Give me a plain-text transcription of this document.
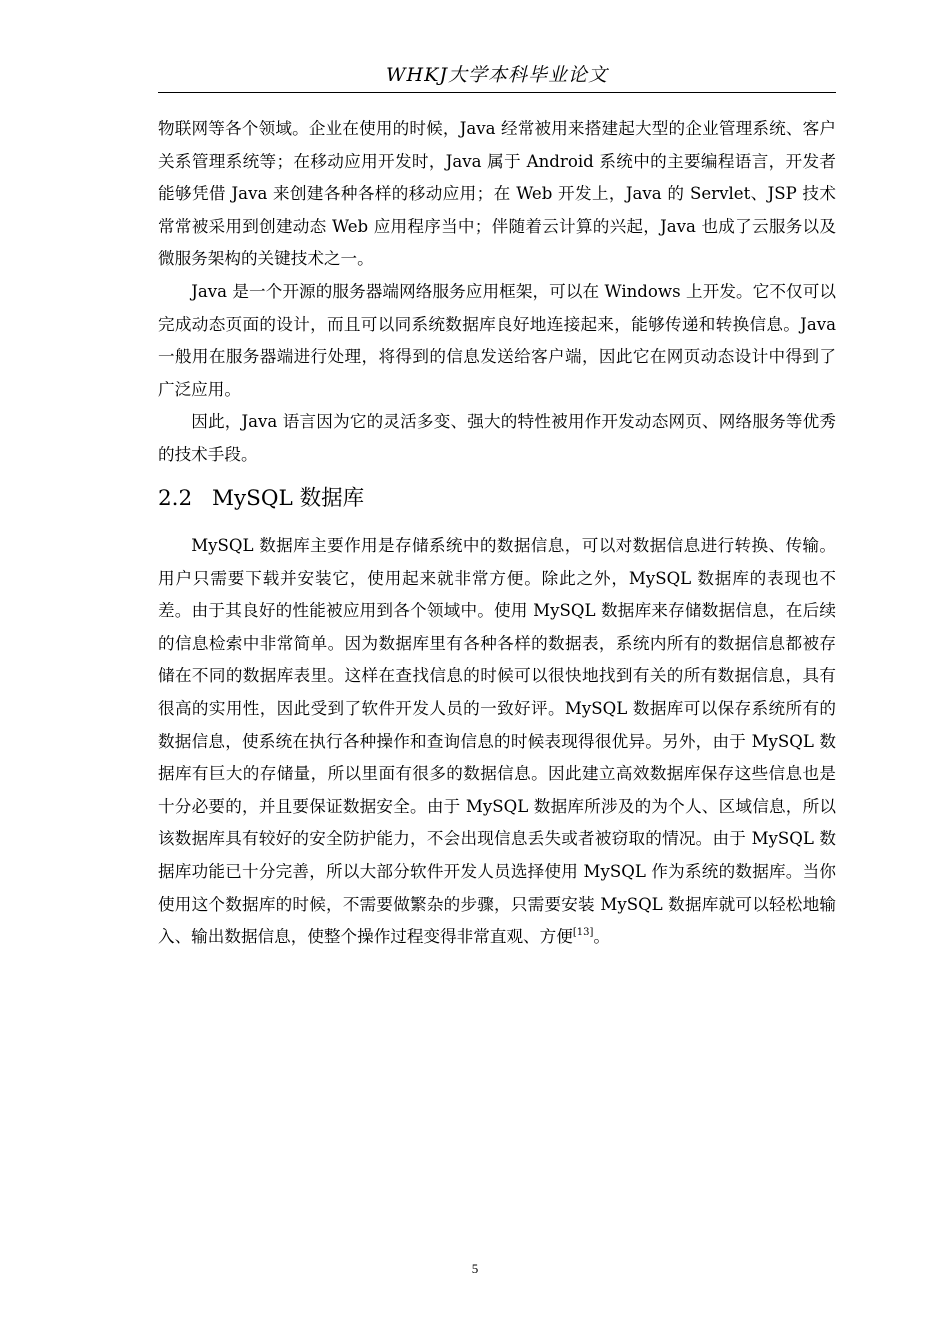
WHKJ大学本科毕业论文

物联网等各个领域。企业在使用的时候，Java 经常被用来搭建起大型的企业管理系统、客户关系管理系统等；在移动应用开发时，Java 属于 Android 系统中的主要编程语言，开发者能够凭借 Java 来创建各种各样的移动应用；在 Web 开发上，Java 的 Servlet、JSP 技术常常被采用到创建动态 Web 应用程序当中；伴随着云计算的兴起，Java 也成了云服务以及微服务架构的关键技术之一。

Java 是一个开源的服务器端网络服务应用框架，可以在 Windows 上开发。它不仅可以完成动态页面的设计，而且可以同系统数据库良好地连接起来，能够传递和转换信息。Java 一般用在服务器端进行处理，将得到的信息发送给客户端，因此它在网页动态设计中得到了广泛应用。

因此，Java 语言因为它的灵活多变、强大的特性被用作开发动态网页、网络服务等优秀的技术手段。

2.2 MySQL 数据库

MySQL 数据库主要作用是存储系统中的数据信息，可以对数据信息进行转换、传输。用户只需要下载并安装它，使用起来就非常方便。除此之外，MySQL 数据库的表现也不差。由于其良好的性能被应用到各个领域中。使用 MySQL 数据库来存储数据信息，在后续的信息检索中非常简单。因为数据库里有各种各样的数据表，系统内所有的数据信息都被存储在不同的数据库表里。这样在查找信息的时候可以很快地找到有关的所有数据信息，具有很高的实用性，因此受到了软件开发人员的一致好评。MySQL 数据库可以保存系统所有的数据信息，使系统在执行各种操作和查询信息的时候表现得很优异。另外，由于 MySQL 数据库有巨大的存储量，所以里面有很多的数据信息。因此建立高效数据库保存这些信息也是十分必要的，并且要保证数据安全。由于 MySQL 数据库所涉及的为个人、区域信息，所以该数据库具有较好的安全防护能力，不会出现信息丢失或者被窃取的情况。由于 MySQL 数据库功能已十分完善，所以大部分软件开发人员选择使用 MySQL 作为系统的数据库。当你使用这个数据库的时候，不需要做繁杂的步骤，只需要安装 MySQL 数据库就可以轻松地输入、输出数据信息，使整个操作过程变得非常直观、方便[13]。

5
